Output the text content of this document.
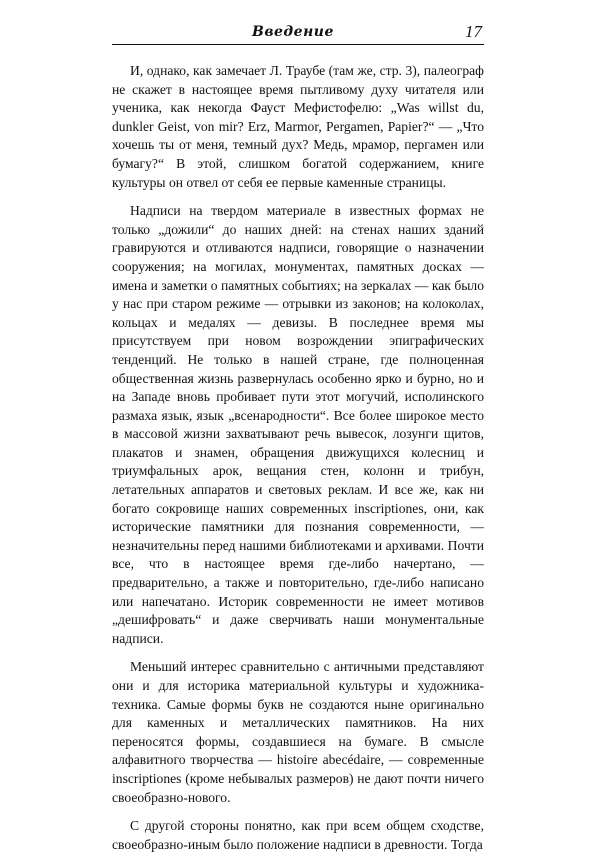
Введение	17

И, однако, как замечает Л. Траубе (там же, стр. 3), палеограф не скажет в настоящее время пытливому духу читателя или ученика, как некогда Фауст Мефистофелю: „Was willst du, dunkler Geist, von mir? Erz, Marmor, Pergamen, Papier?“ — „Что хочешь ты от меня, темный дух? Медь, мрамор, пергамен или бумагу?“ В этой, слишком богатой содержанием, книге культуры он отвел от себя ее первые каменные страницы.

Надписи на твердом материале в известных формах не только „дожили“ до наших дней: на стенах наших зданий гравируются и отливаются надписи, говорящие о назначении сооружения; на могилах, монументах, памятных досках — имена и заметки о памятных событиях; на зеркалах — как было у нас при старом режиме — отрывки из законов; на колоколах, кольцах и медалях — девизы. В последнее время мы присутствуем при новом возрождении эпиграфических тенденций. Не только в нашей стране, где полноценная общественная жизнь развернулась особенно ярко и бурно, но и на Западе вновь пробивает пути этот могучий, исполинского размаха язык, язык „всенародности“. Все более широкое место в массовой жизни захватывают речь вывесок, лозунги щитов, плакатов и знамен, обращения движущихся колесниц и триумфальных арок, вещания стен, колонн и трибун, летательных аппаратов и световых реклам. И все же, как ни богато сокровище наших современных inscriptiones, они, как исторические памятники для познания современности, — незначительны перед нашими библиотеками и архивами. Почти все, что в настоящее время где-либо начертано, — предварительно, а также и повторительно, где-либо написано или напечатано. Историк современности не имеет мотивов „дешифровать“ и даже сверчивать наши монументальные надписи.

Меньший интерес сравнительно с античными представляют они и для историка материальной культуры и художника-техника. Самые формы букв не создаются ныне оригинально для каменных и металлических памятников. На них переносятся формы, создавшиеся на бумаге. В смысле алфавитного творчества — histoire abecédaire, — современные inscriptiones (кроме небывалых размеров) не дают почти ничего своеобразно-нового.

С другой стороны понятно, как при всем общем сходстве, своеобразно-иным было положение надписи в древности. Тогда
